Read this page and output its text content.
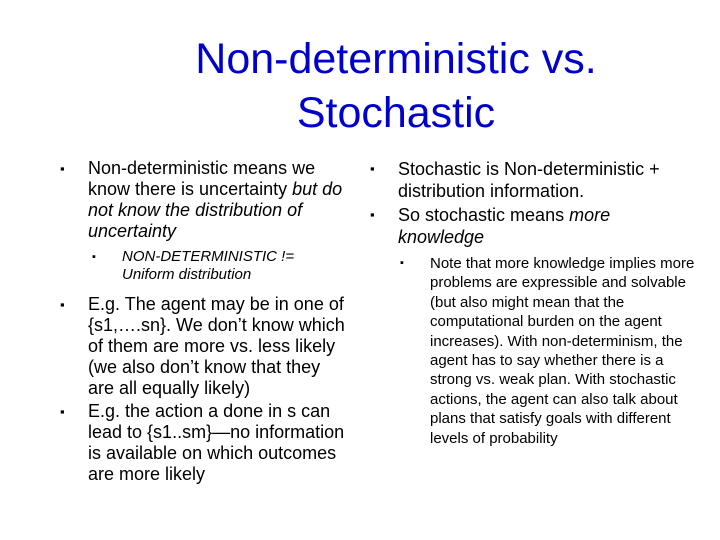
Non-deterministic vs.
Stochastic
▪ Non-deterministic means we know there is uncertainty but do not know the distribution of uncertainty
▪ NON-DETERMINISTIC != Uniform distribution
▪ E.g. The agent may be in one of {s1,….sn}. We don’t know which of them are more vs. less likely (we also don’t know that they are all equally likely)
▪ E.g. the action a done in s can lead to {s1..sm}—no information is available on which outcomes are more likely
▪ Stochastic is Non-deterministic + distribution information.
▪ So stochastic means more knowledge
▪ Note that more knowledge implies more problems are expressible and solvable (but also might mean that the computational burden on the agent increases). With non-determinism, the agent has to say whether there is a strong vs. weak plan. With stochastic actions, the agent can also talk about plans that satisfy goals with different levels of probability
